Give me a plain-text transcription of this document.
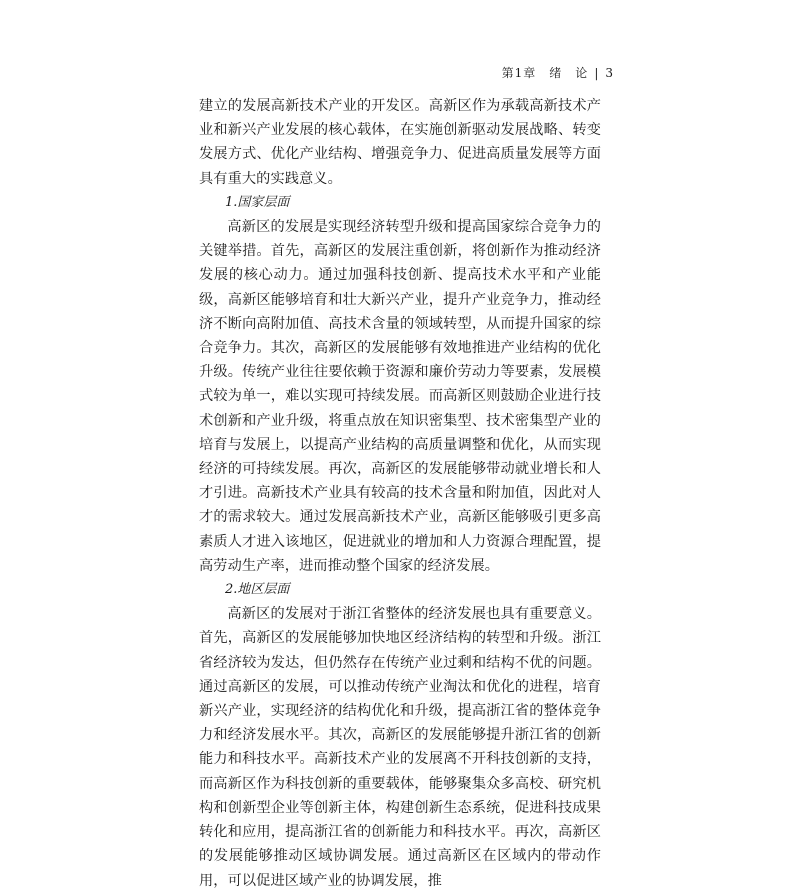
第1章　绪　论 | 3

建立的发展高新技术产业的开发区。高新区作为承载高新技术产业和新兴产业发展的核心载体，在实施创新驱动发展战略、转变发展方式、优化产业结构、增强竞争力、促进高质量发展等方面具有重大的实践意义。

1.国家层面

高新区的发展是实现经济转型升级和提高国家综合竞争力的关键举措。首先，高新区的发展注重创新，将创新作为推动经济发展的核心动力。通过加强科技创新、提高技术水平和产业能级，高新区能够培育和壮大新兴产业，提升产业竞争力，推动经济不断向高附加值、高技术含量的领域转型，从而提升国家的综合竞争力。其次，高新区的发展能够有效地推进产业结构的优化升级。传统产业往往要依赖于资源和廉价劳动力等要素，发展模式较为单一，难以实现可持续发展。而高新区则鼓励企业进行技术创新和产业升级，将重点放在知识密集型、技术密集型产业的培育与发展上，以提高产业结构的高质量调整和优化，从而实现经济的可持续发展。再次，高新区的发展能够带动就业增长和人才引进。高新技术产业具有较高的技术含量和附加值，因此对人才的需求较大。通过发展高新技术产业，高新区能够吸引更多高素质人才进入该地区，促进就业的增加和人力资源合理配置，提高劳动生产率，进而推动整个国家的经济发展。

2.地区层面

高新区的发展对于浙江省整体的经济发展也具有重要意义。首先，高新区的发展能够加快地区经济结构的转型和升级。浙江省经济较为发达，但仍然存在传统产业过剩和结构不优的问题。通过高新区的发展，可以推动传统产业淘汰和优化的进程，培育新兴产业，实现经济的结构优化和升级，提高浙江省的整体竞争力和经济发展水平。其次，高新区的发展能够提升浙江省的创新能力和科技水平。高新技术产业的发展离不开科技创新的支持，而高新区作为科技创新的重要载体，能够聚集众多高校、研究机构和创新型企业等创新主体，构建创新生态系统，促进科技成果转化和应用，提高浙江省的创新能力和科技水平。再次，高新区的发展能够推动区域协调发展。通过高新区在区域内的带动作用，可以促进区域产业的协调发展，推
